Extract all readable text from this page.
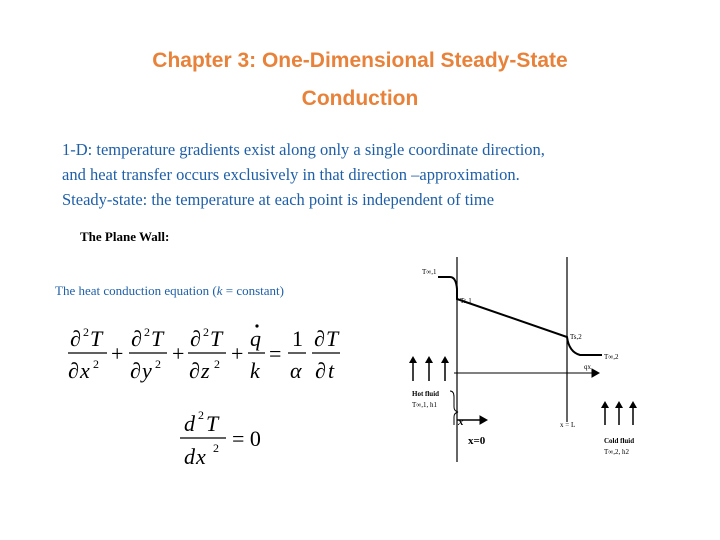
Chapter 3: One-Dimensional Steady-State
Conduction
1-D: temperature gradients exist along only a single coordinate direction,
and heat transfer occurs exclusively in that direction –approximation.
Steady-state: the temperature at each point is independent of time
The Plane Wall:
The heat conduction equation (k = constant)
∂ 2 T
∂ x 2 +
∂ 2 T
∂ y 2 +
∂ 2 T
∂ z 2 +
q
k
=
1
α
∂ T
∂ t
d 2 T
d x 2 = 0
T∞,1
Ts,1
Ts,2
T∞,2
qx
Hot fluid
T∞,1, h1
x = L
Cold fluid
T∞,2, h2
x
x=0
